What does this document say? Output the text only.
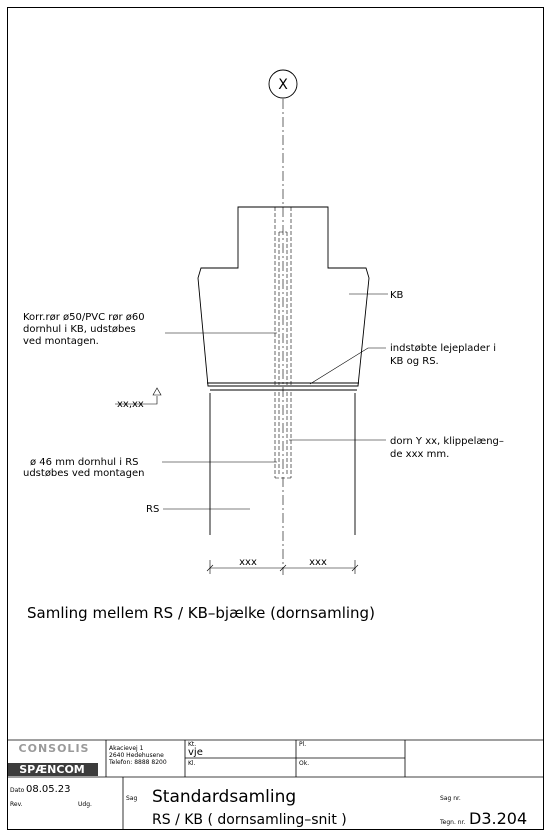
X
KB
Korr.rør ø50/PVC rør ø60
dornhul i KB, udstøbes
ved montagen.
indstøbte lejeplader i
KB og RS.
xx,xx
dorn Y xx, klippelæng–
de xxx mm.
ø 46 mm dornhul i RS
udstøbes ved montagen
RS
xxx	xxx
Samling mellem RS / KB–bjælke (dornsamling)
CONSOLIS
SPÆNCOM
Akacievej 1
2640 Hedehusene
Telefon: 8888 8200
Kt.
vje
Pl.
Kl.	Ok.
Dato 08.05.23
Rev.	Udg.
Sag Standardsamling
RS / KB ( dornsamling–snit )
Sag nr.
Tegn. nr. D3.204
